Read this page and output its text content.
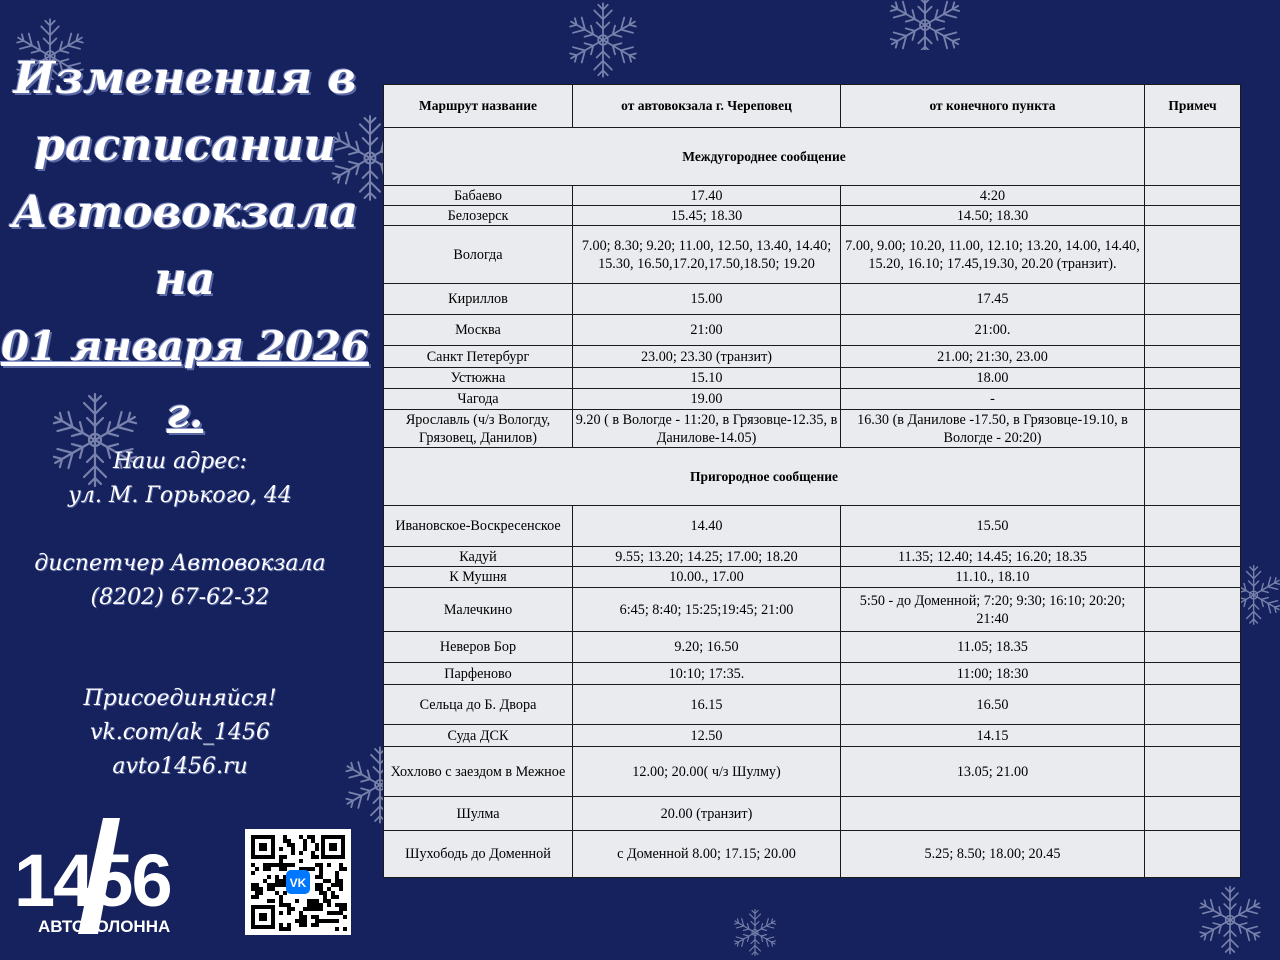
Изменения в
расписании
Автовокзала
на
01 января 2026 г.
Наш адрес:
ул. М. Горького, 44
диспетчер Автовокзала
(8202) 67-62-32
Присоединяйся!
vk.com/ak_1456
avto1456.ru
1456
АВТОКОЛОННА
VK
Маршрут название	от автовокзала г. Череповец	от конечного пункта	Примеч
Междугороднее сообщение			
Бабаево	17.40	4:20	
Белозерск	15.45; 18.30	14.50; 18.30	
Вологда	7.00; 8.30; 9.20; 11.00, 12.50, 13.40, 14.40; 15.30, 16.50,17.20,17.50,18.50; 19.20	7.00, 9.00; 10.20, 11.00, 12.10; 13.20, 14.00, 14.40, 15.20, 16.10; 17.45,19.30, 20.20 (транзит).	
Кириллов	15.00	17.45	
Москва	21:00	21:00.	
Санкт Петербург	23.00; 23.30 (транзит)	21.00; 21:30, 23.00	
Устюжна	15.10	18.00	
Чагода	19.00	-	
Ярославль (ч/з Вологду, Грязовец, Данилов)	9.20 ( в Вологде - 11:20, в Грязовце-12.35, в Данилове-14.05)	16.30 (в Данилове -17.50, в Грязовце-19.10, в Вологде - 20:20)	
Пригородное сообщение			
Ивановское-Воскресенское	14.40	15.50	
Кадуй	9.55; 13.20; 14.25; 17.00; 18.20	11.35; 12.40; 14.45; 16.20; 18.35	
К Мушня	10.00., 17.00	11.10., 18.10	
Малечкино	6:45; 8:40; 15:25;19:45; 21:00	5:50 - до Доменной; 7:20; 9:30; 16:10; 20:20; 21:40	
Неверов Бор	9.20; 16.50	11.05; 18.35	
Парфеново	10:10; 17:35.	11:00; 18:30	
Сельца до Б. Двора	16.15	16.50	
Суда ДСК	12.50	14.15	
Хохлово с заездом в Межное	12.00; 20.00( ч/з Шулму)	13.05; 21.00	
Шулма	20.00 (транзит)		
Шухободь до Доменной	с Доменной 8.00; 17.15; 20.00	5.25; 8.50; 18.00; 20.45	
